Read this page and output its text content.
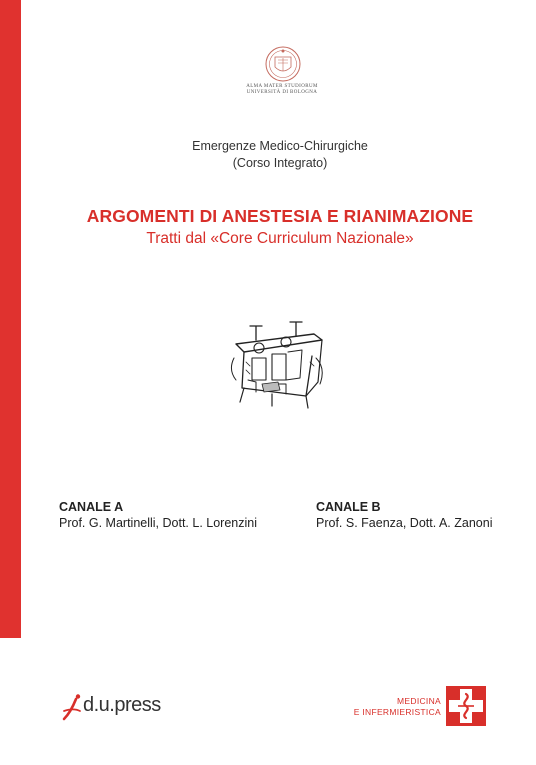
ALMA MATER STUDIORUM
UNIVERSITÀ DI BOLOGNA
Emergenze Medico-Chirurgiche
(Corso Integrato)
ARGOMENTI DI ANESTESIA E RIANIMAZIONE
Tratti dal «Core Curriculum Nazionale»
CANALE A
Prof. G. Martinelli, Dott. L. Lorenzini
CANALE B
Prof. S. Faenza, Dott. A. Zanoni
d.u.press	MEDICINA
E INFERMIERISTICA
